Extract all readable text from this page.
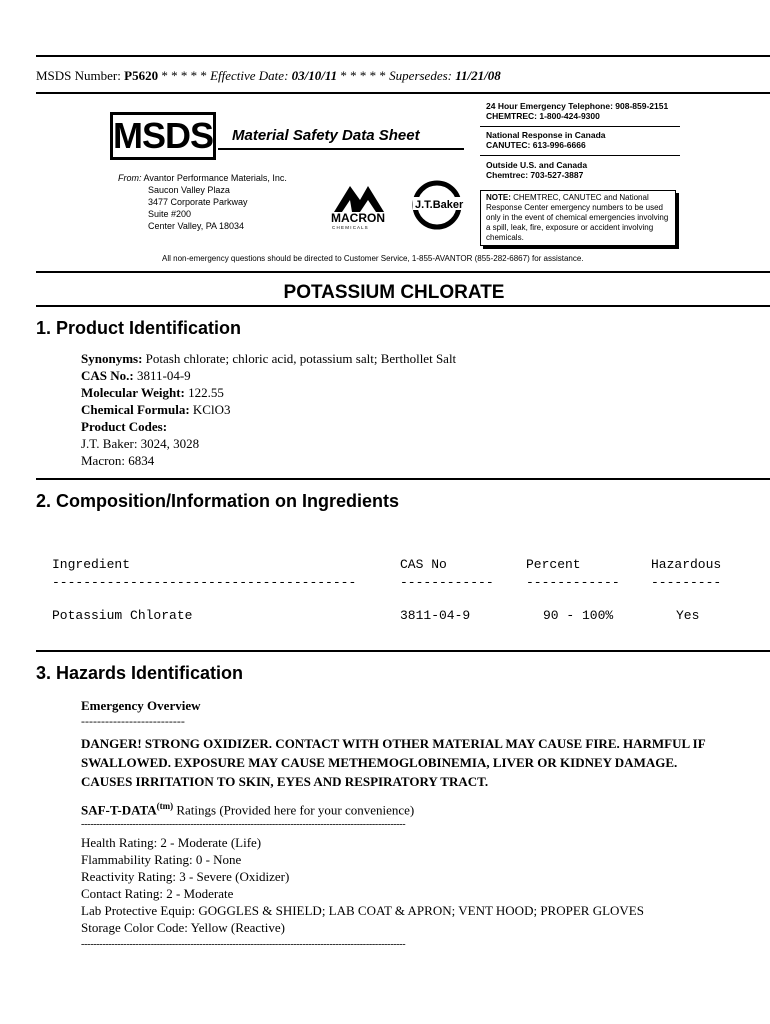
MSDS Number: P5620 * * * * * Effective Date: 03/10/11 * * * * * Supersedes: 11/21/08
MSDS	Material Safety Data Sheet
From: Avantor Performance Materials, Inc.
Saucon Valley Plaza
3477 Corporate Parkway
Suite #200
Center Valley, PA 18034
MACRON
C H E M I C A L S
J.T.Baker
24 Hour Emergency Telephone: 908-859-2151
CHEMTREC: 1-800-424-9300
National Response in Canada
CANUTEC: 613-996-6666
Outside U.S. and Canada
Chemtrec: 703-527-3887
NOTE: CHEMTREC, CANUTEC and National Response Center emergency numbers to be used only in the event of chemical emergencies involving a spill, leak, fire, exposure or accident involving chemicals.
All non-emergency questions should be directed to Customer Service, 1-855-AVANTOR (855-282-6867) for assistance.
POTASSIUM CHLORATE
1. Product Identification
Synonyms: Potash chlorate; chloric acid, potassium salt; Berthollet Salt
CAS No.: 3811-04-9
Molecular Weight: 122.55
Chemical Formula: KClO3
Product Codes:
J.T. Baker: 3024, 3028
Macron: 6834
2. Composition/Information on Ingredients
Ingredient	CAS No	Percent	Hazardous
---------------------------------------	------------ ------------ ---------
Potassium Chlorate	3811-04-9	90 - 100%	Yes
3. Hazards Identification
Emergency Overview
--------------------------
DANGER! STRONG OXIDIZER. CONTACT WITH OTHER MATERIAL MAY CAUSE FIRE. HARMFUL IF SWALLOWED. EXPOSURE MAY CAUSE METHEMOGLOBINEMIA, LIVER OR KIDNEY DAMAGE. CAUSES IRRITATION TO SKIN, EYES AND RESPIRATORY TRACT.
SAF-$T-DATA^{(tm)}$ Ratings (Provided here for your convenience)
-----------------------------------------------------------------------------------------------------------
Health Rating: 2 - Moderate (Life)
Flammability Rating: 0 - None
Reactivity Rating: 3 - Severe (Oxidizer)
Contact Rating: 2 - Moderate
Lab Protective Equip: GOGGLES & SHIELD; LAB COAT & APRON; VENT HOOD; PROPER GLOVES
Storage Color Code: Yellow (Reactive)
-----------------------------------------------------------------------------------------------------------
